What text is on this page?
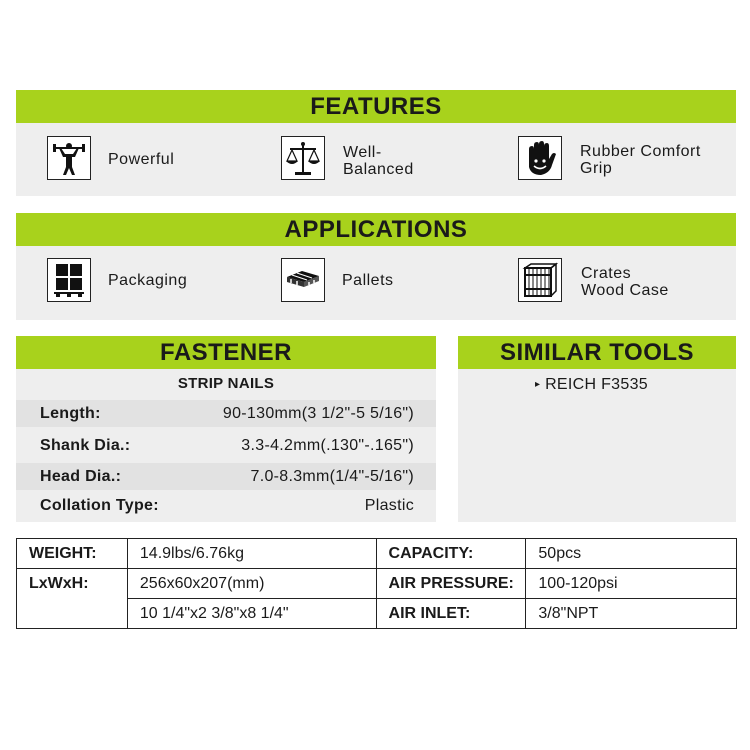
FEATURES
Powerful	Well-
Balanced
Rubber Comfort
Grip
APPLICATIONS
Packaging	Pallets	Crates
Wood Case
FASTENER
STRIP NAILS
Length:	90-130mm(3 1/2"-5 5/16")
Shank Dia.:	3.3-4.2mm(.130"-.165")
Head Dia.:	7.0-8.3mm(1/4"-5/16")
Collation Type:	Plastic
SIMILAR TOOLS
▸ REICH F3535
WEIGHT:	14.9lbs/6.76kg	CAPACITY:	50pcs
LxWxH:	256x60x207(mm)	AIR PRESSURE:	100-120psi
	10 1/4"x2 3/8"x8 1/4"	AIR INLET:	3/8"NPT
